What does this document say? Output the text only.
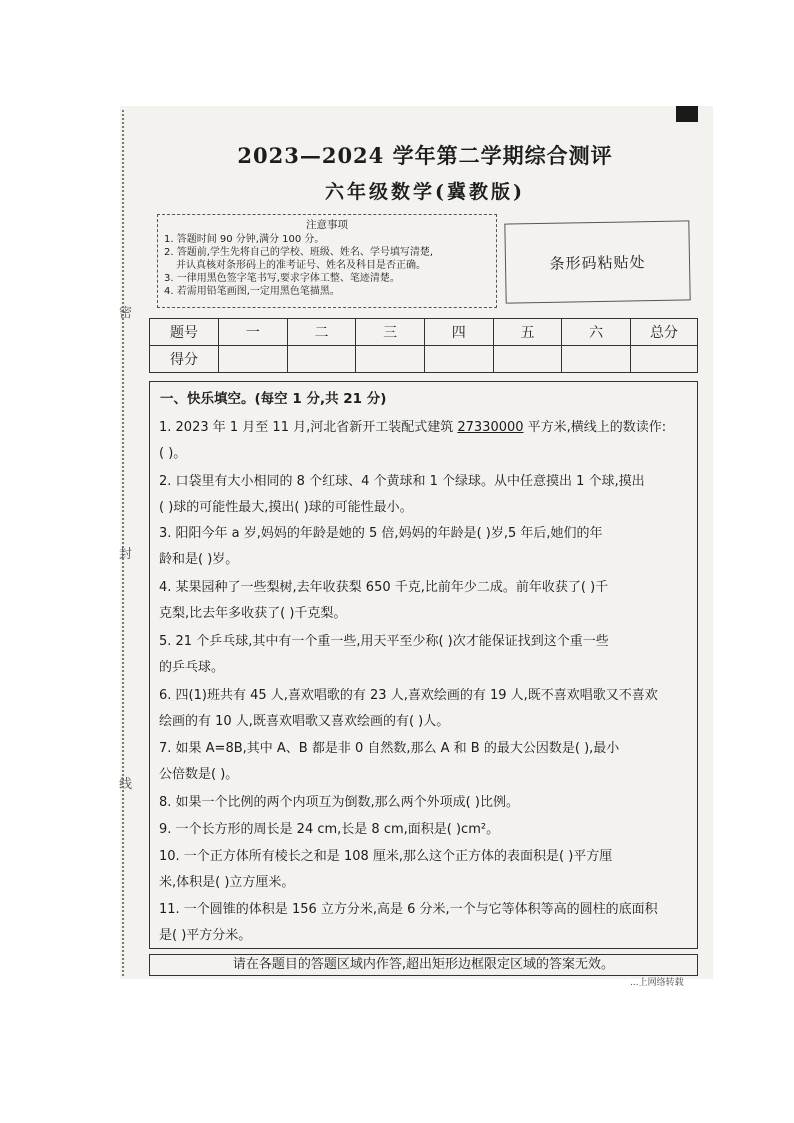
密
封
线
2023—2024 学年第二学期综合测评
六年级数学(冀教版)
注意事项
1. 答题时间 90 分钟,满分 100 分。
2. 答题前,学生先将自己的学校、班级、姓名、学号填写清楚,
并认真核对条形码上的准考证号、姓名及科目是否正确。
3. 一律用黑色签字笔书写,要求字体工整、笔迹清楚。
4. 若需用铅笔画图,一定用黑色笔描黑。
条形码粘贴处
题号	一	二	三	四	五	六	总分
得分							
一、快乐填空。(每空 1 分,共 21 分)
1. 2023 年 1 月至 11 月,河北省新开工装配式建筑 27330000 平方米,横线上的数读作:
( )。
2. 口袋里有大小相同的 8 个红球、4 个黄球和 1 个绿球。从中任意摸出 1 个球,摸出
( )球的可能性最大,摸出( )球的可能性最小。
3. 阳阳今年 a 岁,妈妈的年龄是她的 5 倍,妈妈的年龄是( )岁,5 年后,她们的年
龄和是( )岁。
4. 某果园种了一些梨树,去年收获梨 650 千克,比前年少二成。前年收获了( )千
克梨,比去年多收获了( )千克梨。
5. 21 个乒乓球,其中有一个重一些,用天平至少称( )次才能保证找到这个重一些
的乒乓球。
6. 四(1)班共有 45 人,喜欢唱歌的有 23 人,喜欢绘画的有 19 人,既不喜欢唱歌又不喜欢
绘画的有 10 人,既喜欢唱歌又喜欢绘画的有( )人。
7. 如果 A=8B,其中 A、B 都是非 0 自然数,那么 A 和 B 的最大公因数是( ),最小
公倍数是( )。
8. 如果一个比例的两个内项互为倒数,那么两个外项成( )比例。
9. 一个长方形的周长是 24 cm,长是 8 cm,面积是( )cm²。
10. 一个正方体所有棱长之和是 108 厘米,那么这个正方体的表面积是( )平方厘
米,体积是( )立方厘米。
11. 一个圆锥的体积是 156 立方分米,高是 6 分米,一个与它等体积等高的圆柱的底面积
是( )平方分米。
请在各题目的答题区域内作答,超出矩形边框限定区域的答案无效。
...上网络转载
